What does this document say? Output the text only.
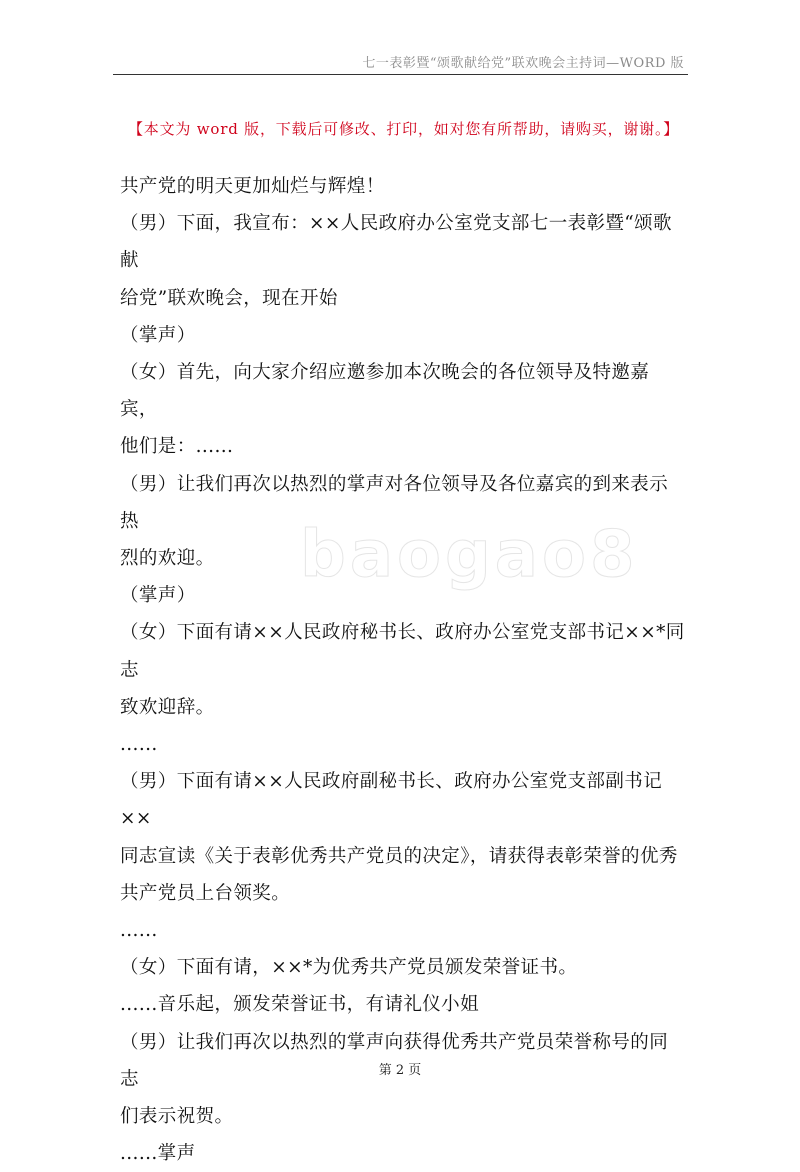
七一表彰暨“颂歌献给党”联欢晚会主持词—WORD 版
【本文为 word 版，下载后可修改、打印，如对您有所帮助，请购买，谢谢。】
baogao8

共产党的明天更加灿烂与辉煌！

（男）下面，我宣布：××人民政府办公室党支部七一表彰暨“颂歌献

给党”联欢晚会，现在开始

（掌声）

（女）首先，向大家介绍应邀参加本次晚会的各位领导及特邀嘉宾，

他们是：......

（男）让我们再次以热烈的掌声对各位领导及各位嘉宾的到来表示热

烈的欢迎。

（掌声）

（女）下面有请××人民政府秘书长、政府办公室党支部书记××*同志

致欢迎辞。

......

（男）下面有请××人民政府副秘书长、政府办公室党支部副书记××

同志宣读《关于表彰优秀共产党员的决定》，请获得表彰荣誉的优秀

共产党员上台领奖。

......

（女）下面有请，××*为优秀共产党员颁发荣誉证书。

......音乐起，颁发荣誉证书，有请礼仪小姐

（男）让我们再次以热烈的掌声向获得优秀共产党员荣誉称号的同志

们表示祝贺。

......掌声

第 2 页
